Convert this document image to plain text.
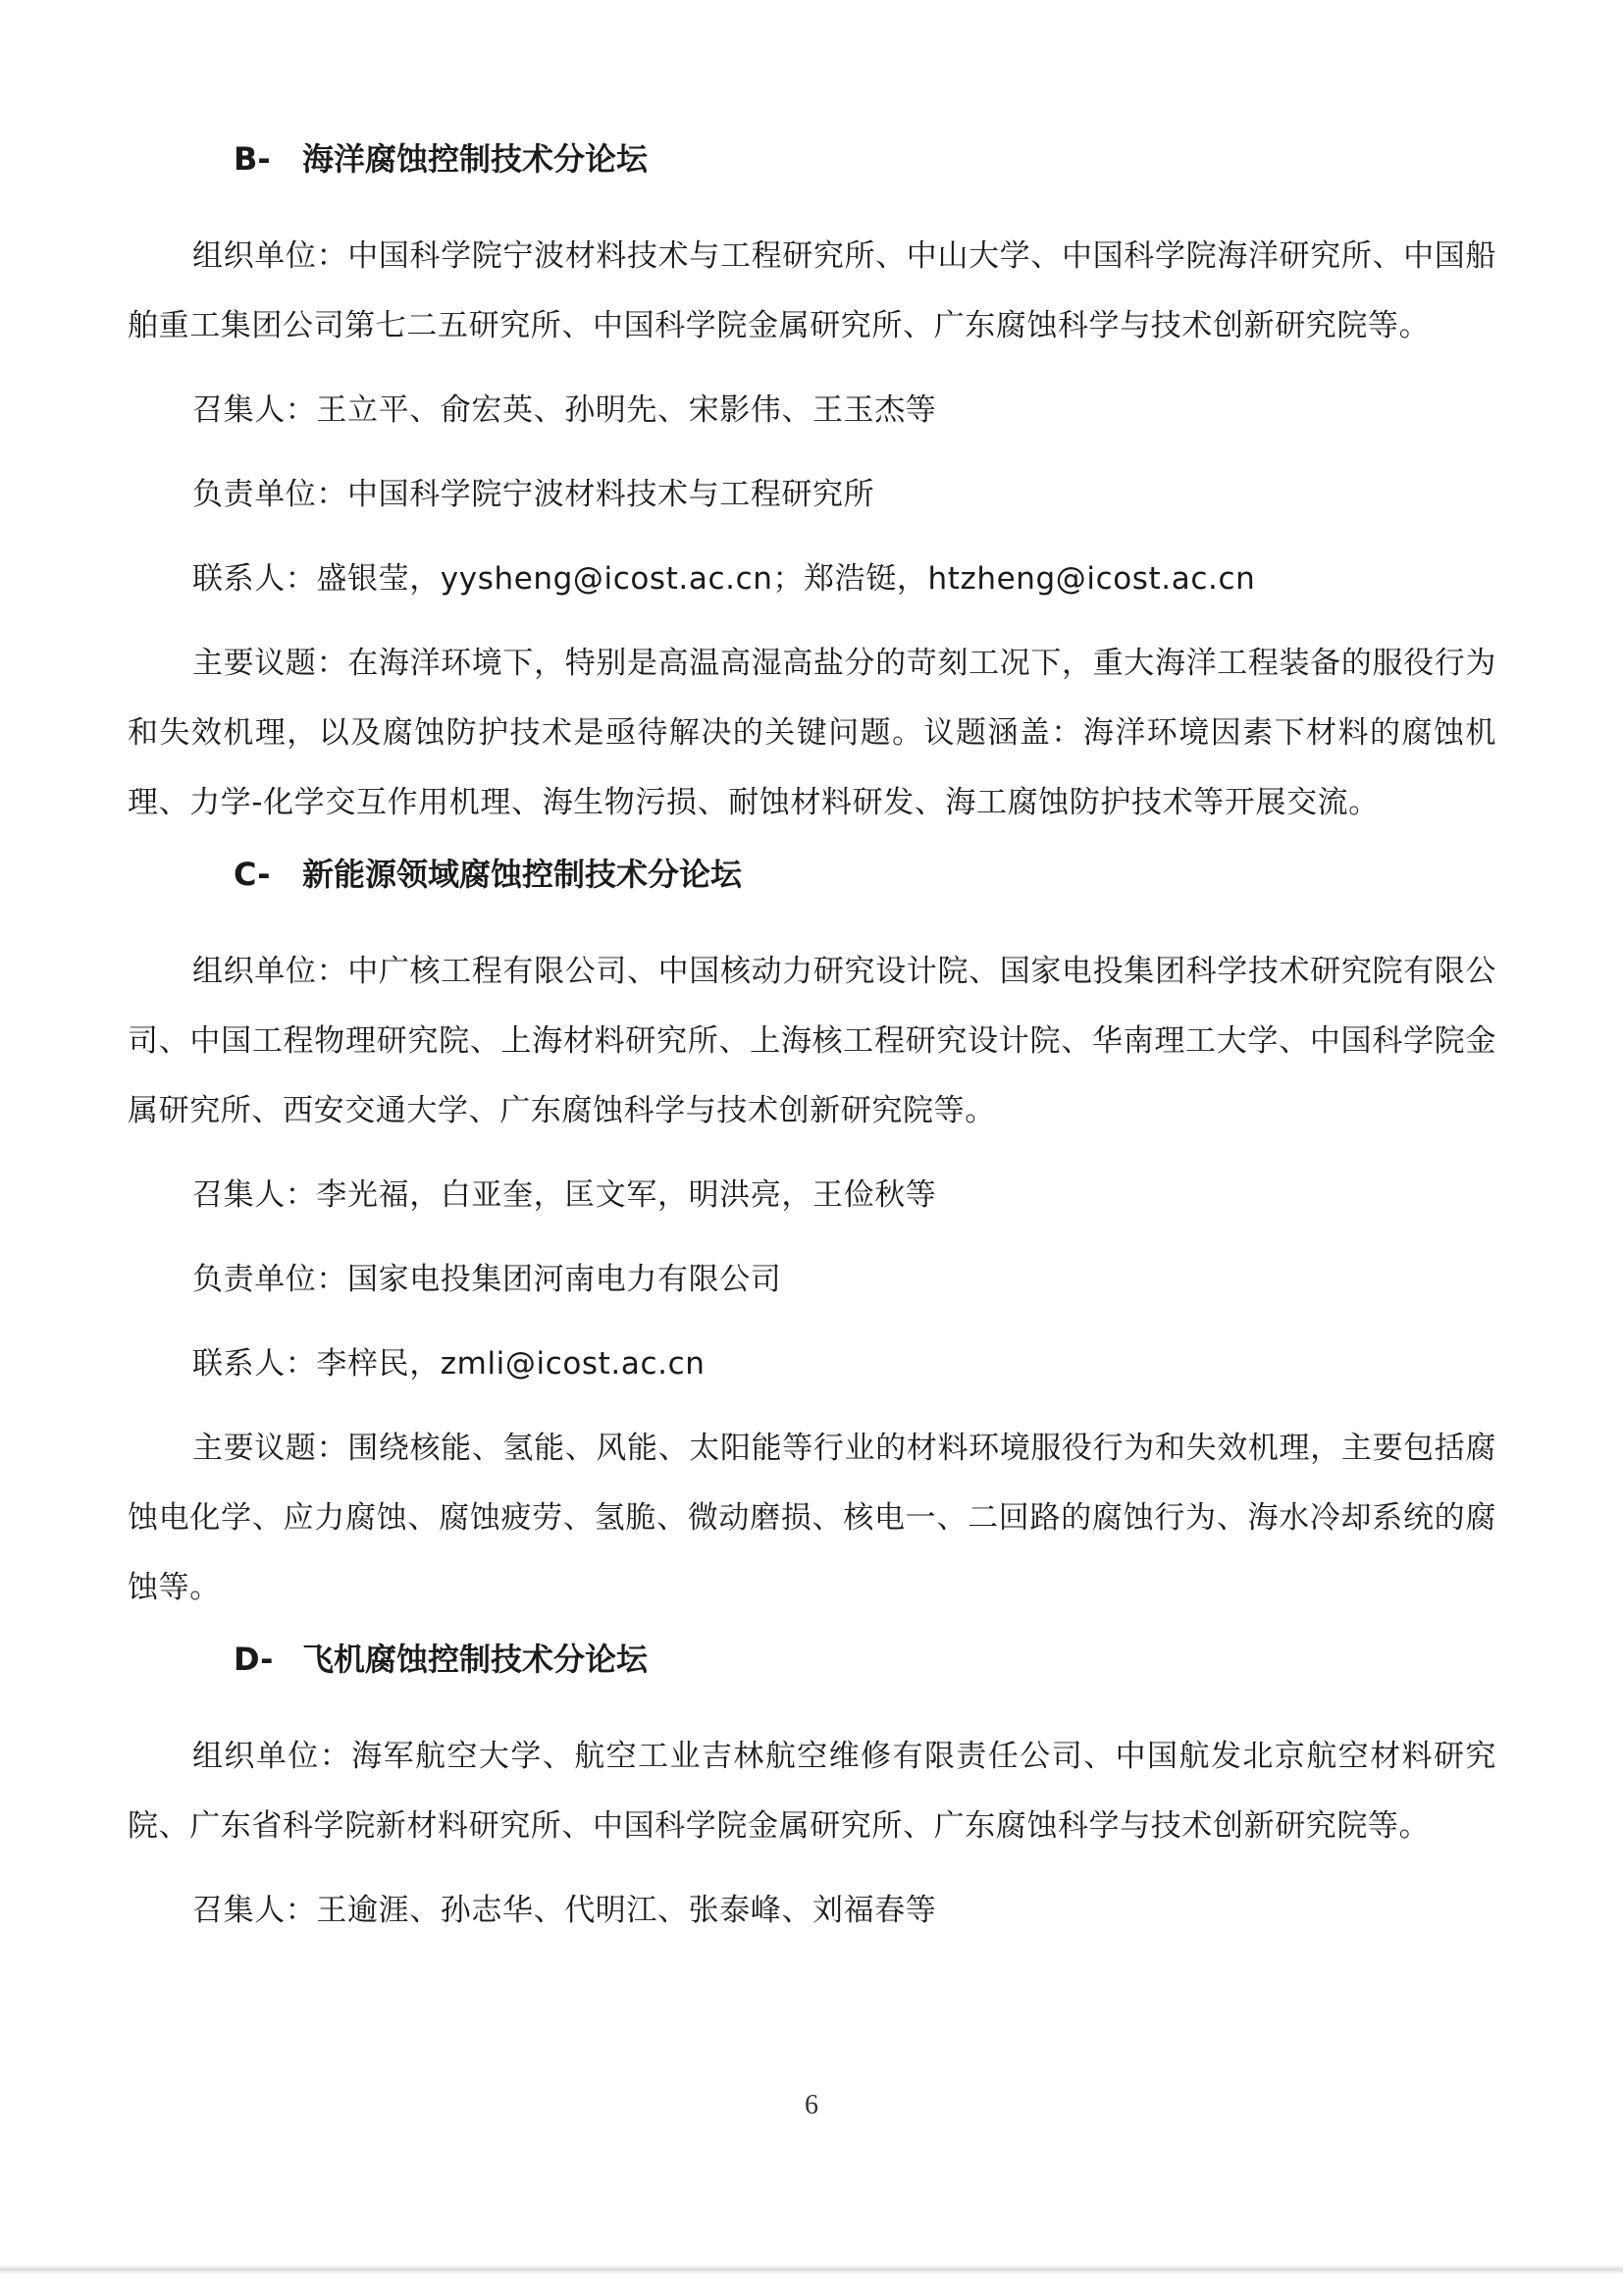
B- 海洋腐蚀控制技术分论坛

组织单位：中国科学院宁波材料技术与工程研究所、中山大学、中国科学院海洋研究所、中国船舶重工集团公司第七二五研究所、中国科学院金属研究所、广东腐蚀科学与技术创新研究院等。

召集人：王立平、俞宏英、孙明先、宋影伟、王玉杰等

负责单位：中国科学院宁波材料技术与工程研究所

联系人：盛银莹，yysheng@icost.ac.cn；郑浩铤，htzheng@icost.ac.cn

主要议题：在海洋环境下，特别是高温高湿高盐分的苛刻工况下，重大海洋工程装备的服役行为和失效机理，以及腐蚀防护技术是亟待解决的关键问题。议题涵盖：海洋环境因素下材料的腐蚀机理、力学-化学交互作用机理、海生物污损、耐蚀材料研发、海工腐蚀防护技术等开展交流。

C- 新能源领域腐蚀控制技术分论坛

组织单位：中广核工程有限公司、中国核动力研究设计院、国家电投集团科学技术研究院有限公司、中国工程物理研究院、上海材料研究所、上海核工程研究设计院、华南理工大学、中国科学院金属研究所、西安交通大学、广东腐蚀科学与技术创新研究院等。

召集人：李光福，白亚奎，匡文军，明洪亮，王俭秋等

负责单位：国家电投集团河南电力有限公司

联系人：李梓民，zmli@icost.ac.cn

主要议题：围绕核能、氢能、风能、太阳能等行业的材料环境服役行为和失效机理，主要包括腐蚀电化学、应力腐蚀、腐蚀疲劳、氢脆、微动磨损、核电一、二回路的腐蚀行为、海水冷却系统的腐蚀等。

D- 飞机腐蚀控制技术分论坛

组织单位：海军航空大学、航空工业吉林航空维修有限责任公司、中国航发北京航空材料研究院、广东省科学院新材料研究所、中国科学院金属研究所、广东腐蚀科学与技术创新研究院等。

召集人：王逾涯、孙志华、代明江、张泰峰、刘福春等

6
